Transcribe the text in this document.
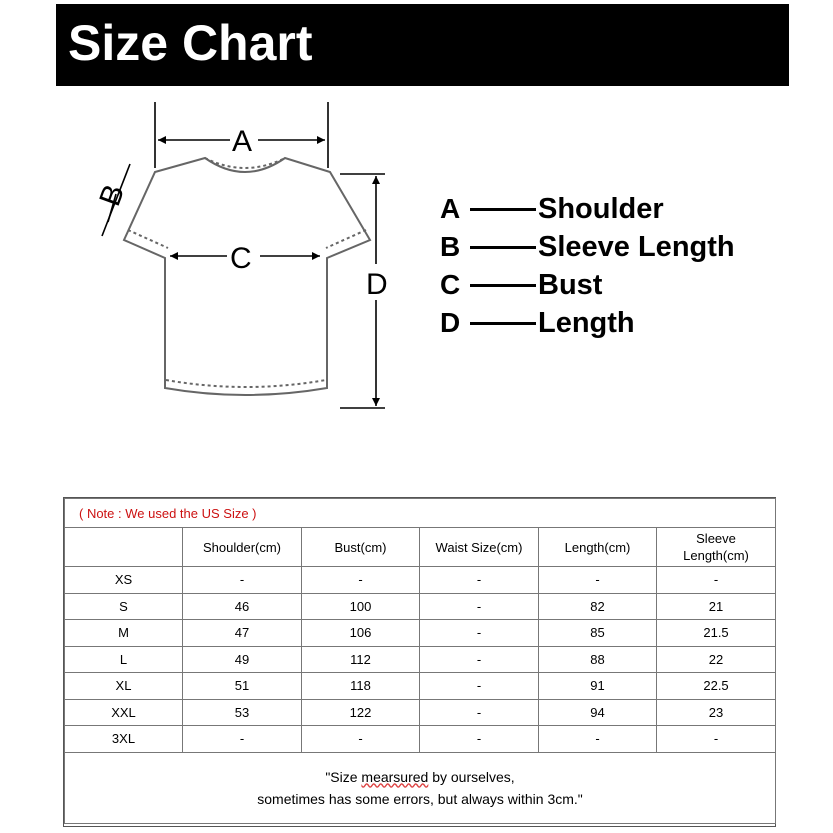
Size Chart
A
C
D
B	A	Shoulder
B	Sleeve Length
C	Bust
D	Length
( Note : We used the US Size )					
	Shoulder(cm)	Bust(cm)	Waist Size(cm)	Length(cm)	Sleeve Length(cm)
XS	-	-	-	-	-
S	46	100	-	82	21
M	47	106	-	85	21.5
L	49	112	-	88	22
XL	51	118	-	91	22.5
XXL	53	122	-	94	23
3XL	-	-	-	-	-

"Size mearsured by ourselves,
sometimes has some errors, but always within 3cm."					
